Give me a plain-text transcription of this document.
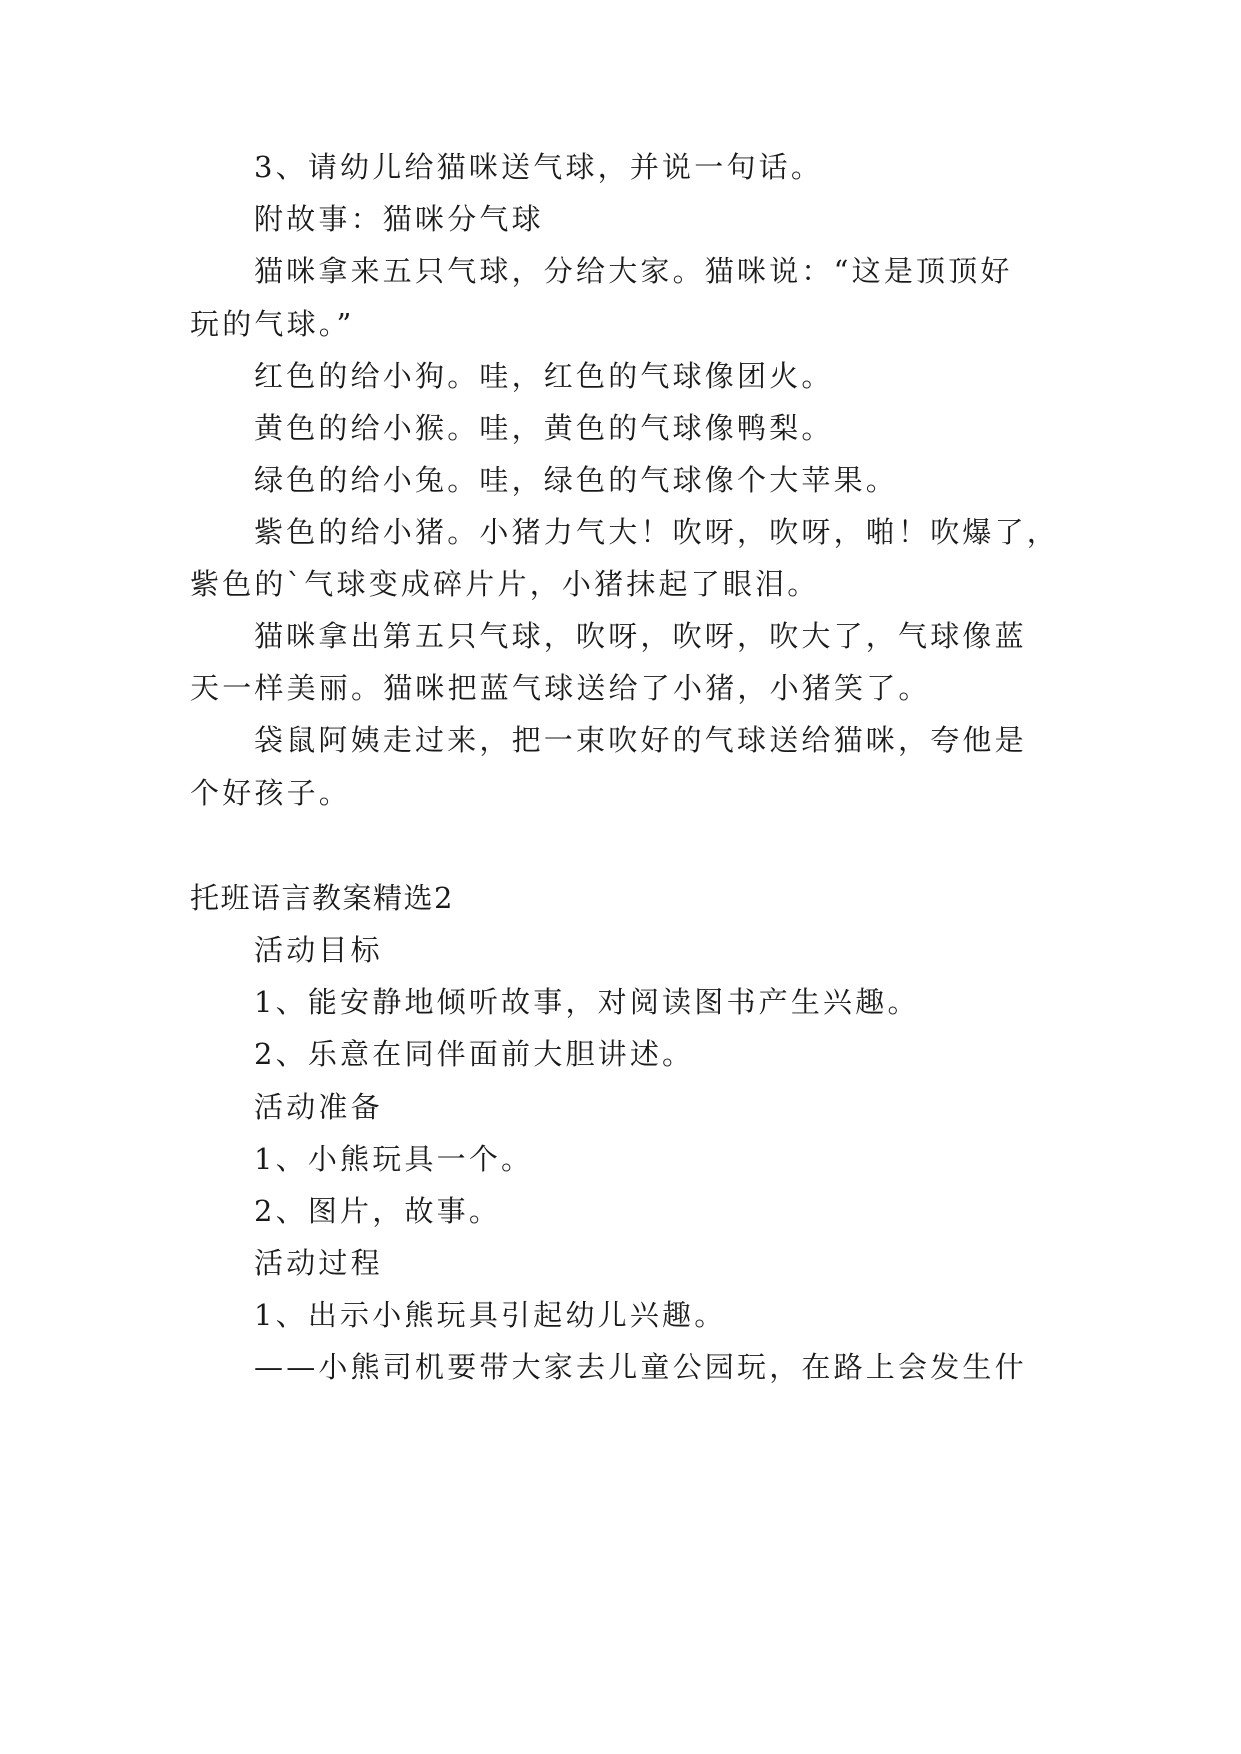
3、请幼儿给猫咪送气球，并说一句话。
附故事：猫咪分气球
猫咪拿来五只气球，分给大家。猫咪说：“这是顶顶好
玩的气球。”
红色的给小狗。哇，红色的气球像团火。
黄色的给小猴。哇，黄色的气球像鸭梨。
绿色的给小兔。哇，绿色的气球像个大苹果。
紫色的给小猪。小猪力气大！吹呀，吹呀，啪！吹爆了，
紫色的`气球变成碎片片，小猪抹起了眼泪。
猫咪拿出第五只气球，吹呀，吹呀，吹大了，气球像蓝
天一样美丽。猫咪把蓝气球送给了小猪，小猪笑了。
袋鼠阿姨走过来，把一束吹好的气球送给猫咪，夸他是
个好孩子。
托班语言教案精选2
活动目标
1、能安静地倾听故事，对阅读图书产生兴趣。
2、乐意在同伴面前大胆讲述。
活动准备
1、小熊玩具一个。
2、图片，故事。
活动过程
1、出示小熊玩具引起幼儿兴趣。
——小熊司机要带大家去儿童公园玩，在路上会发生什
